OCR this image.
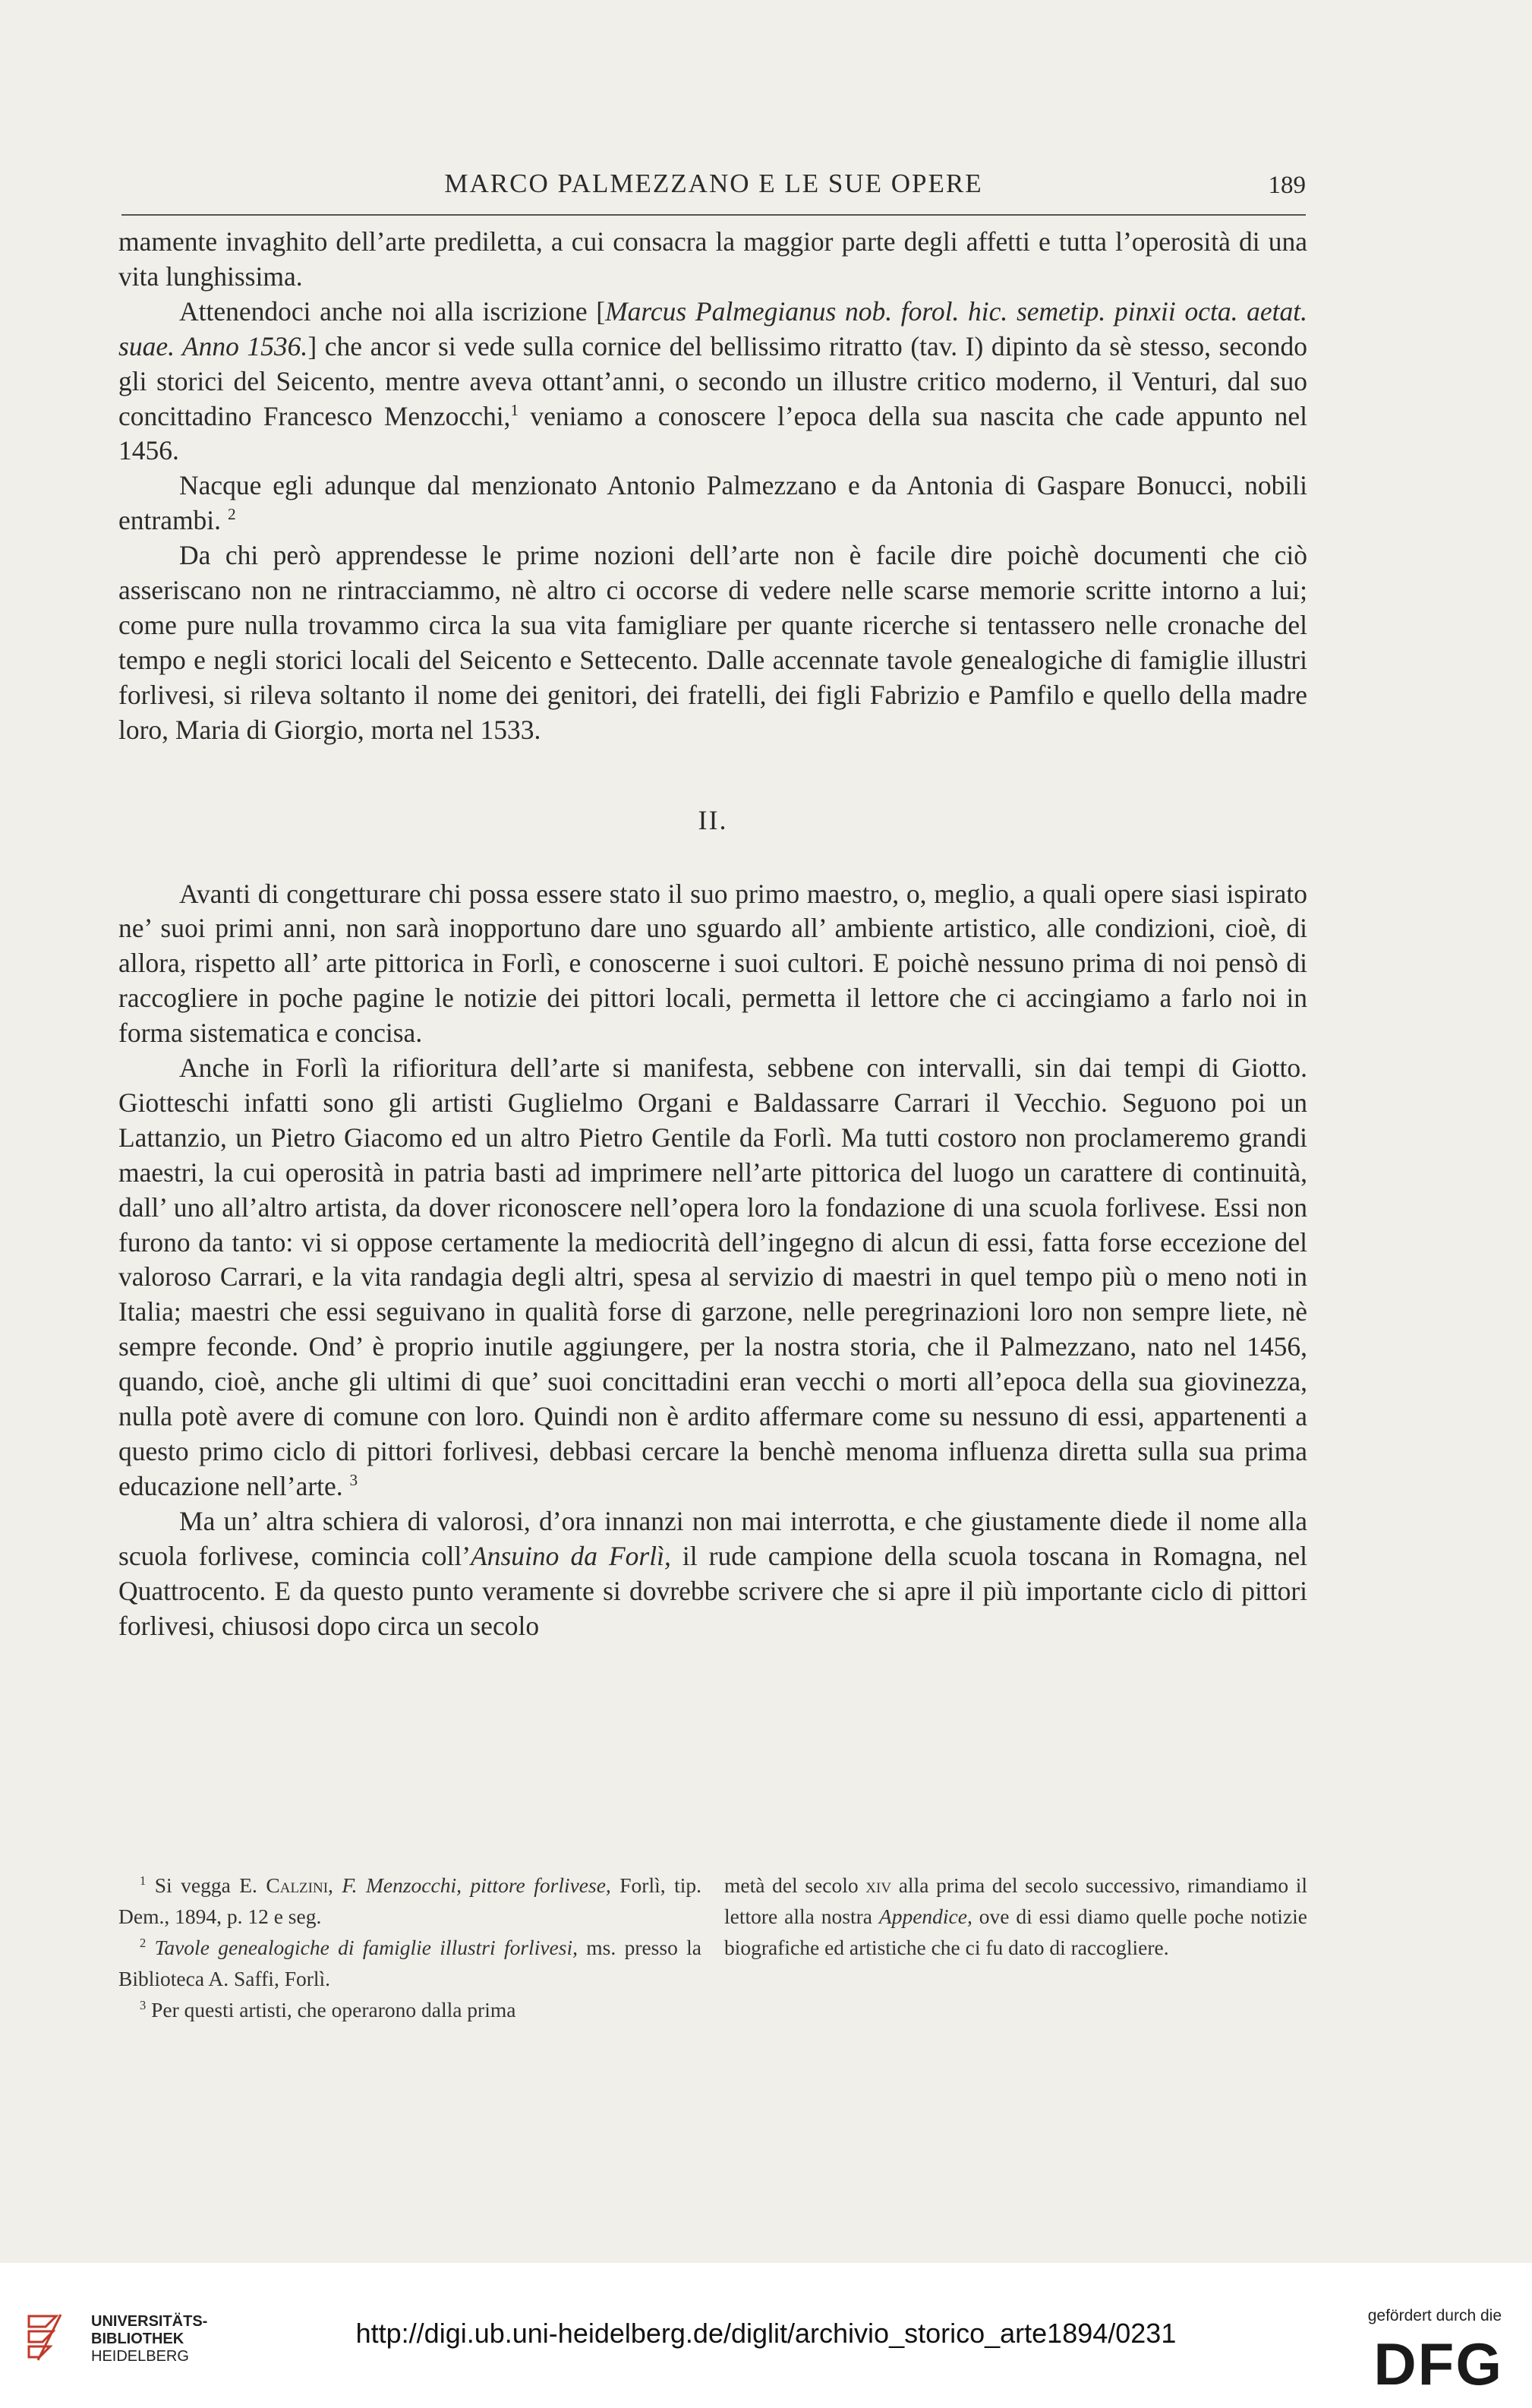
MARCO PALMEZZANO E LE SUE OPERE	189

mamente invaghito dell’arte prediletta, a cui consacra la maggior parte degli affetti e tutta l’operosità di una vita lunghissima.

Attenendoci anche noi alla iscrizione [Marcus Palmegianus nob. forol. hic. semetip. pinxii octa. aetat. suae. Anno 1536.] che ancor si vede sulla cornice del bellissimo ritratto (tav. I) dipinto da sè stesso, secondo gli storici del Seicento, mentre aveva ottant’anni, o secondo un illustre critico moderno, il Venturi, dal suo concittadino Francesco Menzocchi,$^1$ veniamo a conoscere l’epoca della sua nascita che cade appunto nel 1456.

Nacque egli adunque dal menzionato Antonio Palmezzano e da Antonia di Gaspare Bonucci, nobili entrambi. $^2$

Da chi però apprendesse le prime nozioni dell’arte non è facile dire poichè documenti che ciò asseriscano non ne rintracciammo, nè altro ci occorse di vedere nelle scarse memorie scritte intorno a lui; come pure nulla trovammo circa la sua vita famigliare per quante ricerche si tentassero nelle cronache del tempo e negli storici locali del Seicento e Settecento. Dalle accennate tavole genealogiche di famiglie illustri forlivesi, si rileva soltanto il nome dei genitori, dei fratelli, dei figli Fabrizio e Pamfilo e quello della madre loro, Maria di Giorgio, morta nel 1533.

II.

Avanti di congetturare chi possa essere stato il suo primo maestro, o, meglio, a quali opere siasi ispirato ne’ suoi primi anni, non sarà inopportuno dare uno sguardo all’ ambiente artistico, alle condizioni, cioè, di allora, rispetto all’ arte pittorica in Forlì, e conoscerne i suoi cultori. E poichè nessuno prima di noi pensò di raccogliere in poche pagine le notizie dei pittori locali, permetta il lettore che ci accingiamo a farlo noi in forma sistematica e concisa.

Anche in Forlì la rifioritura dell’arte si manifesta, sebbene con intervalli, sin dai tempi di Giotto. Giotteschi infatti sono gli artisti Guglielmo Organi e Baldassarre Carrari il Vecchio. Seguono poi un Lattanzio, un Pietro Giacomo ed un altro Pietro Gentile da Forlì. Ma tutti costoro non proclameremo grandi maestri, la cui operosità in patria basti ad imprimere nell’arte pittorica del luogo un carattere di continuità, dall’ uno all’altro artista, da dover riconoscere nell’opera loro la fondazione di una scuola forlivese. Essi non furono da tanto: vi si oppose certamente la mediocrità dell’ingegno di alcun di essi, fatta forse eccezione del valoroso Carrari, e la vita randagia degli altri, spesa al servizio di maestri in quel tempo più o meno noti in Italia; maestri che essi seguivano in qualità forse di garzone, nelle peregrinazioni loro non sempre liete, nè sempre feconde. Ond’ è proprio inutile aggiungere, per la nostra storia, che il Palmezzano, nato nel 1456, quando, cioè, anche gli ultimi di que’ suoi concittadini eran vecchi o morti all’epoca della sua giovinezza, nulla potè avere di comune con loro. Quindi non è ardito affermare come su nessuno di essi, appartenenti a questo primo ciclo di pittori forlivesi, debbasi cercare la benchè menoma influenza diretta sulla sua prima educazione nell’arte. $^3$

Ma un’ altra schiera di valorosi, d’ora innanzi non mai interrotta, e che giustamente diede il nome alla scuola forlivese, comincia coll’Ansuino da Forlì, il rude campione della scuola toscana in Romagna, nel Quattrocento. E da questo punto veramente si dovrebbe scrivere che si apre il più importante ciclo di pittori forlivesi, chiusosi dopo circa un secolo

$^1$ Si vegga E. Calzini, F. Menzocchi, pittore forlivese, Forlì, tip. Dem., 1894, p. 12 e seg.

$^2$ Tavole genealogiche di famiglie illustri forlivesi, ms. presso la Biblioteca A. Saffi, Forlì.

$^3$ Per questi artisti, che operarono dalla prima

metà del secolo xiv alla prima del secolo successivo, rimandiamo il lettore alla nostra Appendice, ove di essi diamo quelle poche notizie biografiche ed artistiche che ci fu dato di raccogliere.

UNIVERSITÄTS-
BIBLIOTHEK
HEIDELBERG
http://digi.ub.uni-heidelberg.de/diglit/archivio_storico_arte1894/0231
gefördert durch die
DFG
